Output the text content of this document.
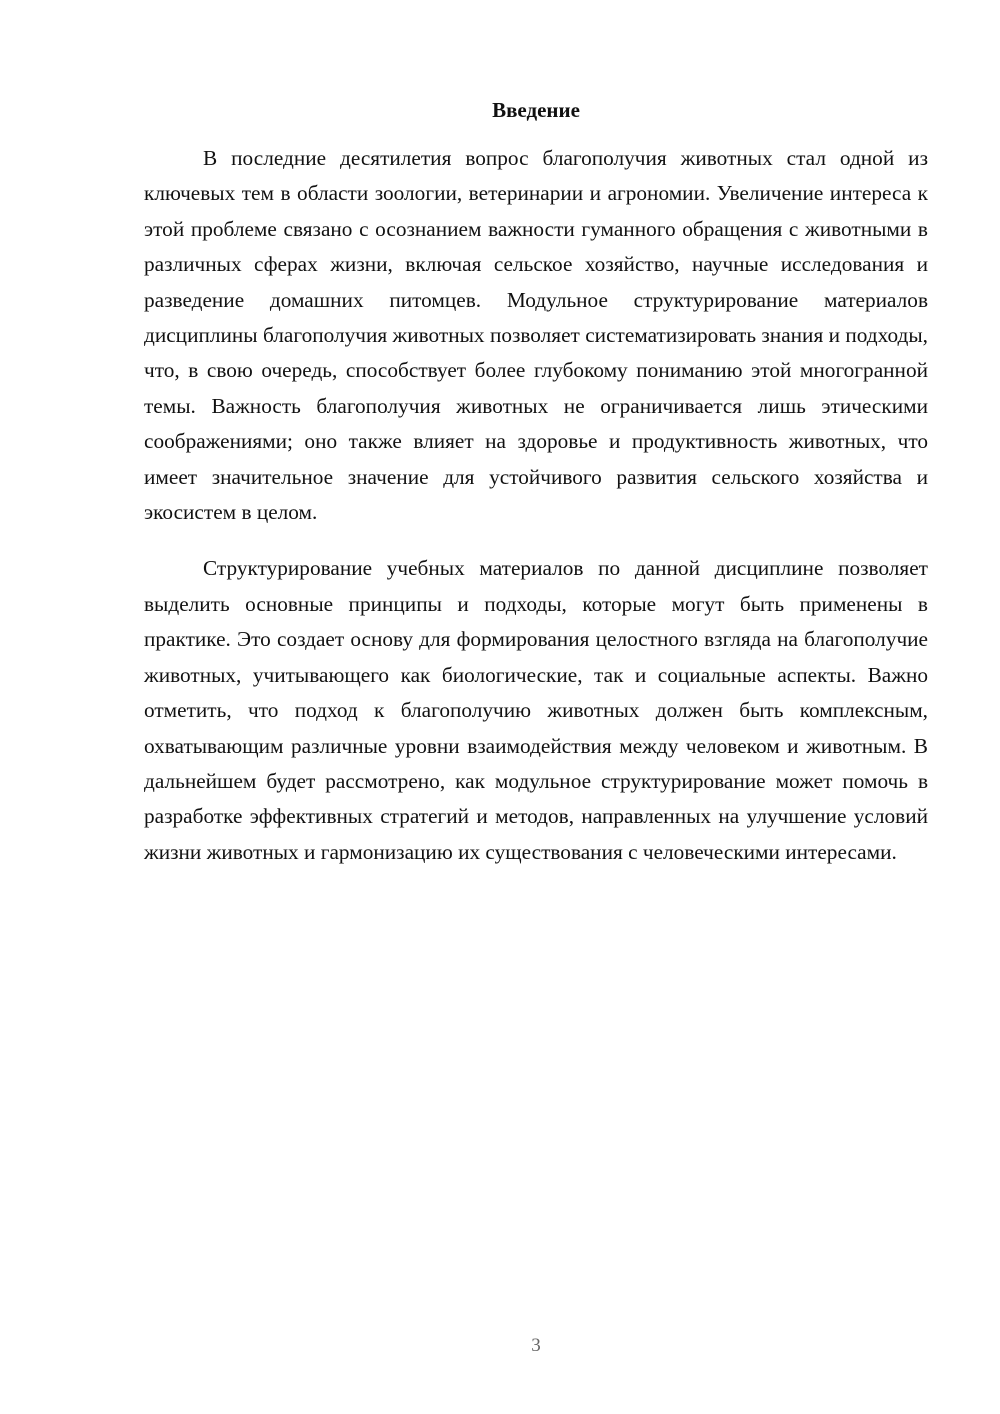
Введение

В последние десятилетия вопрос благополучия животных стал одной из ключевых тем в области зоологии, ветеринарии и агрономии. Увеличение интереса к этой проблеме связано с осознанием важности гуманного обращения с животными в различных сферах жизни, включая сельское хозяйство, научные исследования и разведение домашних питомцев. Модульное структурирование материалов дисциплины благополучия животных позволяет систематизировать знания и подходы, что, в свою очередь, способствует более глубокому пониманию этой многогранной темы. Важность благополучия животных не ограничивается лишь этическими соображениями; оно также влияет на здоровье и продуктивность животных, что имеет значительное значение для устойчивого развития сельского хозяйства и экосистем в целом.

Структурирование учебных материалов по данной дисциплине позволяет выделить основные принципы и подходы, которые могут быть применены в практике. Это создает основу для формирования целостного взгляда на благополучие животных, учитывающего как биологические, так и социальные аспекты. Важно отметить, что подход к благополучию животных должен быть комплексным, охватывающим различные уровни взаимодействия между человеком и животным. В дальнейшем будет рассмотрено, как модульное структурирование может помочь в разработке эффективных стратегий и методов, направленных на улучшение условий жизни животных и гармонизацию их существования с человеческими интересами.

3
